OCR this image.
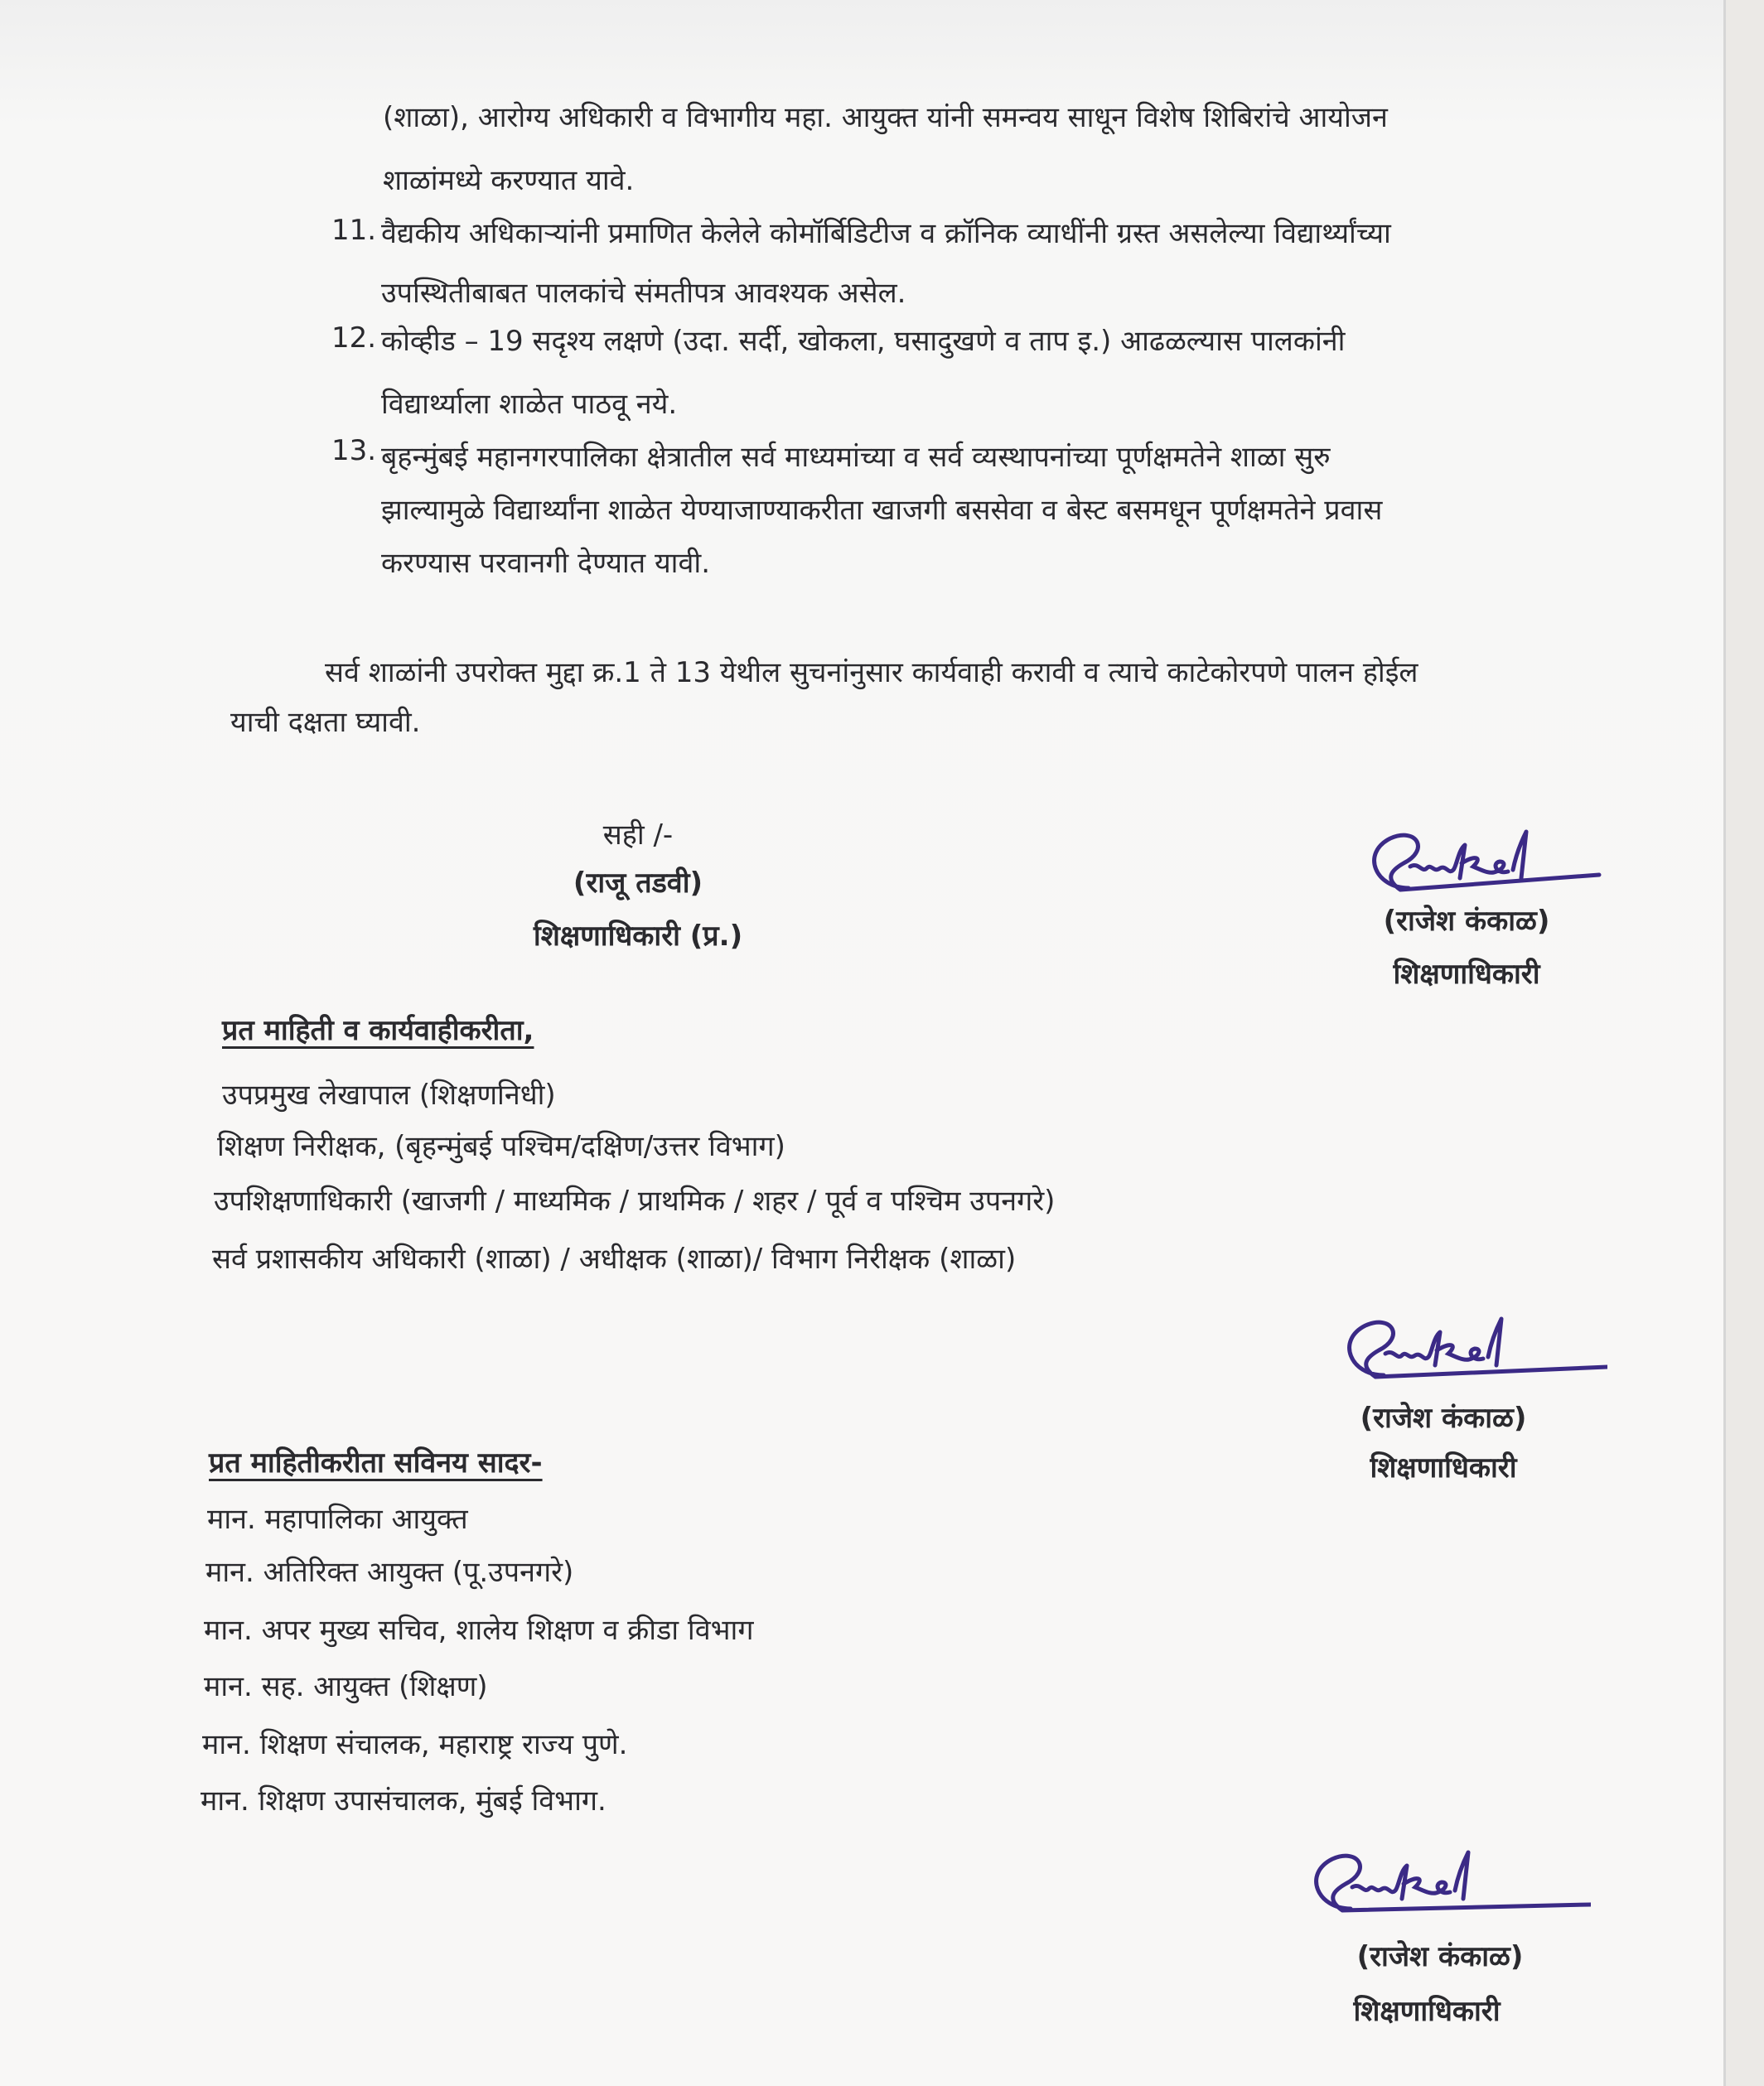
(शाळा), आरोग्य अधिकारी व विभागीय महा. आयुक्त यांनी समन्वय साधून विशेष शिबिरांचे आयोजन
शाळांमध्ये करण्यात यावे.
11. वैद्यकीय अधिकाऱ्यांनी प्रमाणित केलेले कोमॉर्बिडिटीज व क्रॉनिक व्याधींनी ग्रस्त असलेल्या विद्यार्थ्यांच्या
उपस्थितीबाबत पालकांचे संमतीपत्र आवश्यक असेल.
12. कोव्हीड – 19 सदृश्य लक्षणे (उदा. सर्दी, खोकला, घसादुखणे व ताप इ.) आढळल्यास पालकांनी
विद्यार्थ्याला शाळेत पाठवू नये.
13. बृहन्मुंबई महानगरपालिका क्षेत्रातील सर्व माध्यमांच्या व सर्व व्यस्थापनांच्या पूर्णक्षमतेने शाळा सुरु
झाल्यामुळे विद्यार्थ्यांना शाळेत येण्याजाण्याकरीता खाजगी बससेवा व बेस्ट बसमधून पूर्णक्षमतेने प्रवास
करण्यास परवानगी देण्यात यावी.
सर्व शाळांनी उपरोक्त मुद्दा क्र.1 ते 13 येथील सुचनांनुसार कार्यवाही करावी व त्याचे काटेकोरपणे पालन होईल
याची दक्षता घ्यावी.
सही /-
(राजू तडवी)
शिक्षणाधिकारी (प्र.)
RKankal
(राजेश कंकाळ)
शिक्षणाधिकारी
प्रत माहिती व कार्यवाहीकरीता,
उपप्रमुख लेखापाल (शिक्षणनिधी)
शिक्षण निरीक्षक, (बृहन्मुंबई पश्चिम/दक्षिण/उत्तर विभाग)
उपशिक्षणाधिकारी (खाजगी / माध्यमिक / प्राथमिक / शहर / पूर्व व पश्चिम उपनगरे)
सर्व प्रशासकीय अधिकारी (शाळा) / अधीक्षक (शाळा)/ विभाग निरीक्षक (शाळा)
(राजेश कंकाळ)
शिक्षणाधिकारी
प्रत माहितीकरीता सविनय सादर-
मान. महापालिका आयुक्त
मान. अतिरिक्त आयुक्त (पू.उपनगरे)
मान. अपर मुख्य सचिव, शालेय शिक्षण व क्रीडा विभाग
मान. सह. आयुक्त (शिक्षण)
मान. शिक्षण संचालक, महाराष्ट्र राज्य पुणे.
मान. शिक्षण उपासंचालक, मुंबई विभाग.
(राजेश कंकाळ)
शिक्षणाधिकारी
